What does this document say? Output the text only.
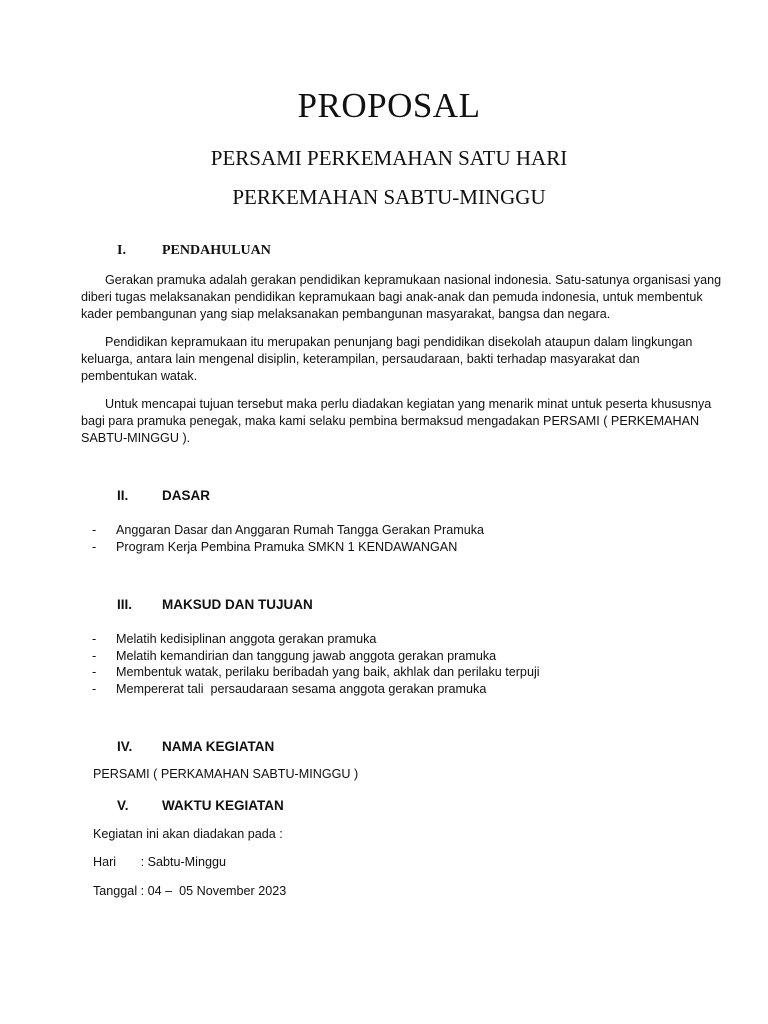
PROPOSAL
PERSAMI PERKEMAHAN SATU HARI
PERKEMAHAN SABTU-MINGGU
I.	PENDAHULUAN
Gerakan pramuka adalah gerakan pendidikan kepramukaan nasional indonesia. Satu-satunya organisasi yang
diberi tugas melaksanakan pendidikan kepramukaan bagi anak-anak dan pemuda indonesia, untuk membentuk
kader pembangunan yang siap melaksanakan pembangunan masyarakat, bangsa dan negara.
Pendidikan kepramukaan itu merupakan penunjang bagi pendidikan disekolah ataupun dalam lingkungan
keluarga, antara lain mengenal disiplin, keterampilan, persaudaraan, bakti terhadap masyarakat dan
pembentukan watak.
Untuk mencapai tujuan tersebut maka perlu diadakan kegiatan yang menarik minat untuk peserta khususnya
bagi para pramuka penegak, maka kami selaku pembina bermaksud mengadakan PERSAMI ( PERKEMAHAN
SABTU-MINGGU ).
II. DASAR
- Anggaran Dasar dan Anggaran Rumah Tangga Gerakan Pramuka
- Program Kerja Pembina Pramuka SMKN 1 KENDAWANGAN
III. MAKSUD DAN TUJUAN
- Melatih kedisiplinan anggota gerakan pramuka
- Melatih kemandirian dan tanggung jawab anggota gerakan pramuka
- Membentuk watak, perilaku beribadah yang baik, akhlak dan perilaku terpuji
- Mempererat tali  persaudaraan sesama anggota gerakan pramuka
IV. NAMA KEGIATAN
PERSAMI ( PERKAMAHAN SABTU-MINGGU )
V. WAKTU KEGIATAN
Kegiatan ini akan diadakan pada :
Hari       : Sabtu-Minggu
Tanggal : 04 –  05 November 2023
